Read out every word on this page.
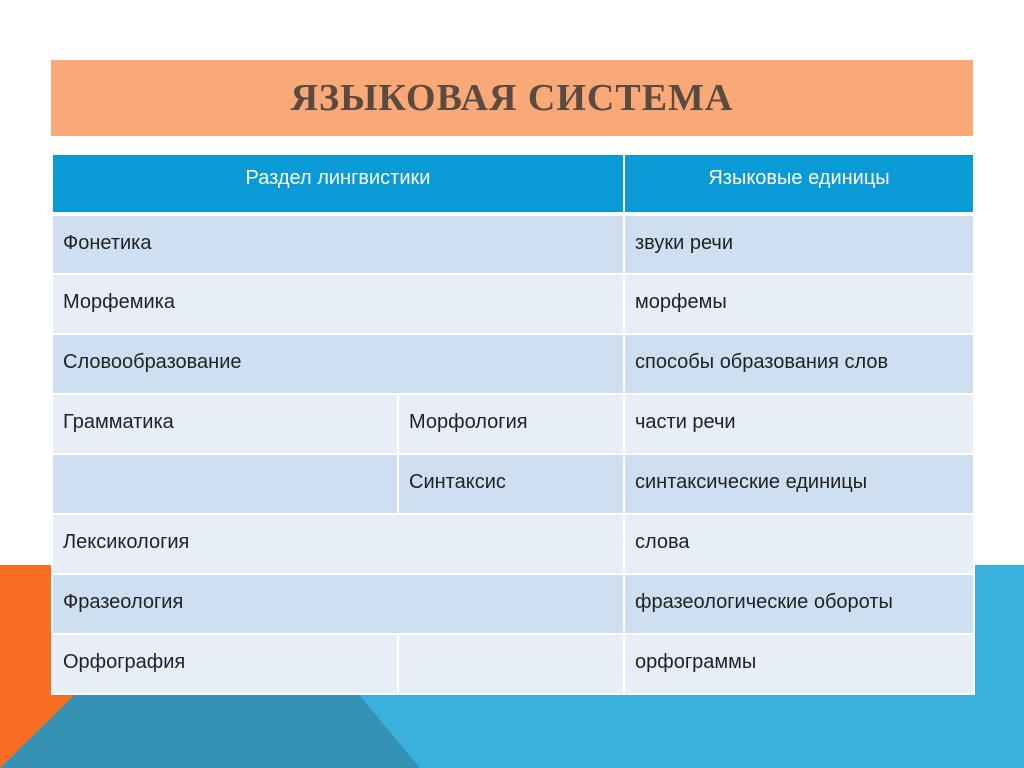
ЯЗЫКОВАЯ СИСТЕМА
Раздел лингвистики		Языковые единицы
Фонетика		звуки речи
Морфемика		морфемы
Словообразование		способы образования слов
Грамматика	Морфология	части речи
	Синтаксис	синтаксические единицы
Лексикология		слова
Фразеология		фразеологические обороты
Орфография		орфограммы
